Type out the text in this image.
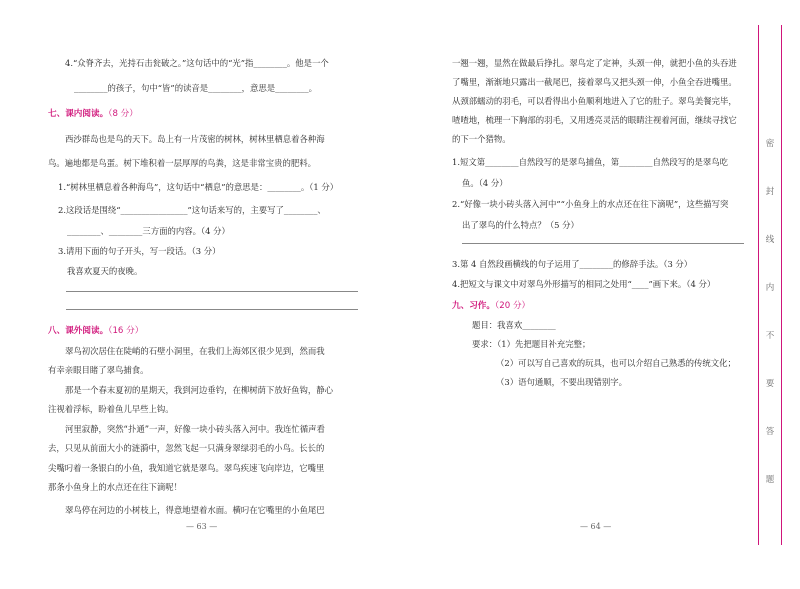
4.“众脊齐去，光持石击瓮破之。”这句话中的“光”指________。他是一个
________的孩子，句中“皆”的读音是________，意思是________。
七、课内阅读。（8 分）
西沙群岛也是鸟的天下。岛上有一片茂密的树林，树林里栖息着各种海
鸟。遍地都是鸟蛋。树下堆积着一层厚厚的鸟粪，这是非常宝贵的肥料。
1.“树林里栖息着各种海鸟”，这句话中“栖息”的意思是：________。（1 分）
2.这段话是围绕“________________”这句话来写的，主要写了________、
________、________三方面的内容。（4 分）
3.请用下面的句子开头，写一段话。（3 分）
我喜欢夏天的夜晚。
八、课外阅读。（16 分）
翠鸟初次居住在陡峭的石壁小洞里，在我们上海郊区很少见到，然而我
有幸亲眼目睹了翠鸟捕食。
那是一个春末夏初的星期天，我到河边垂钓，在柳树荫下放好鱼钩，静心
注视着浮标，盼着鱼儿早些上钩。
河里寂静，突然“扑通”一声，好像一块小砖头落入河中。我连忙循声看
去，只见从前面大小的涟漪中，忽然飞起一只满身翠绿羽毛的小鸟。长长的
尖嘴叼着一条银白的小鱼，我知道它就是翠鸟。翠鸟疾速飞向岸边，它嘴里
那条小鱼身上的水点还在往下滴呢！
翠鸟停在河边的小树枝上，得意地望着水面。横叼在它嘴里的小鱼尾巴
— 63 —
一翘一翘，显然在做最后挣扎。翠鸟定了定神，头颈一伸，就把小鱼的头吞进
了嘴里，渐渐地只露出一截尾巴，接着翠鸟又把头颈一伸，小鱼全吞进嘴里。
从颈部蠕动的羽毛，可以看得出小鱼顺利地进入了它的肚子。翠鸟美餐完毕，
喳喳地，梳理一下胸部的羽毛，又用透亮灵活的眼睛注视着河面，继续寻找它
的下一个猎物。
1.短文第________自然段写的是翠鸟捕鱼，第________自然段写的是翠鸟吃
鱼。（4 分）
2.“好像一块小砖头落入河中”“小鱼身上的水点还在往下滴呢”，这些描写突
出了翠鸟的什么特点？（5 分）
3.第 4 自然段画横线的句子运用了________的修辞手法。（3 分）
4.把短文与课文中对翠鸟外形描写的相同之处用“____”画下来。（4 分）
九、习作。（20 分）
题目：我喜欢________
要求：（1）先把题目补充完整；
（2）可以写自己喜欢的玩具，也可以介绍自己熟悉的传统文化；
（3）语句通顺，不要出现错别字。
— 64 —
密
封
线
内
不
要
答
题
